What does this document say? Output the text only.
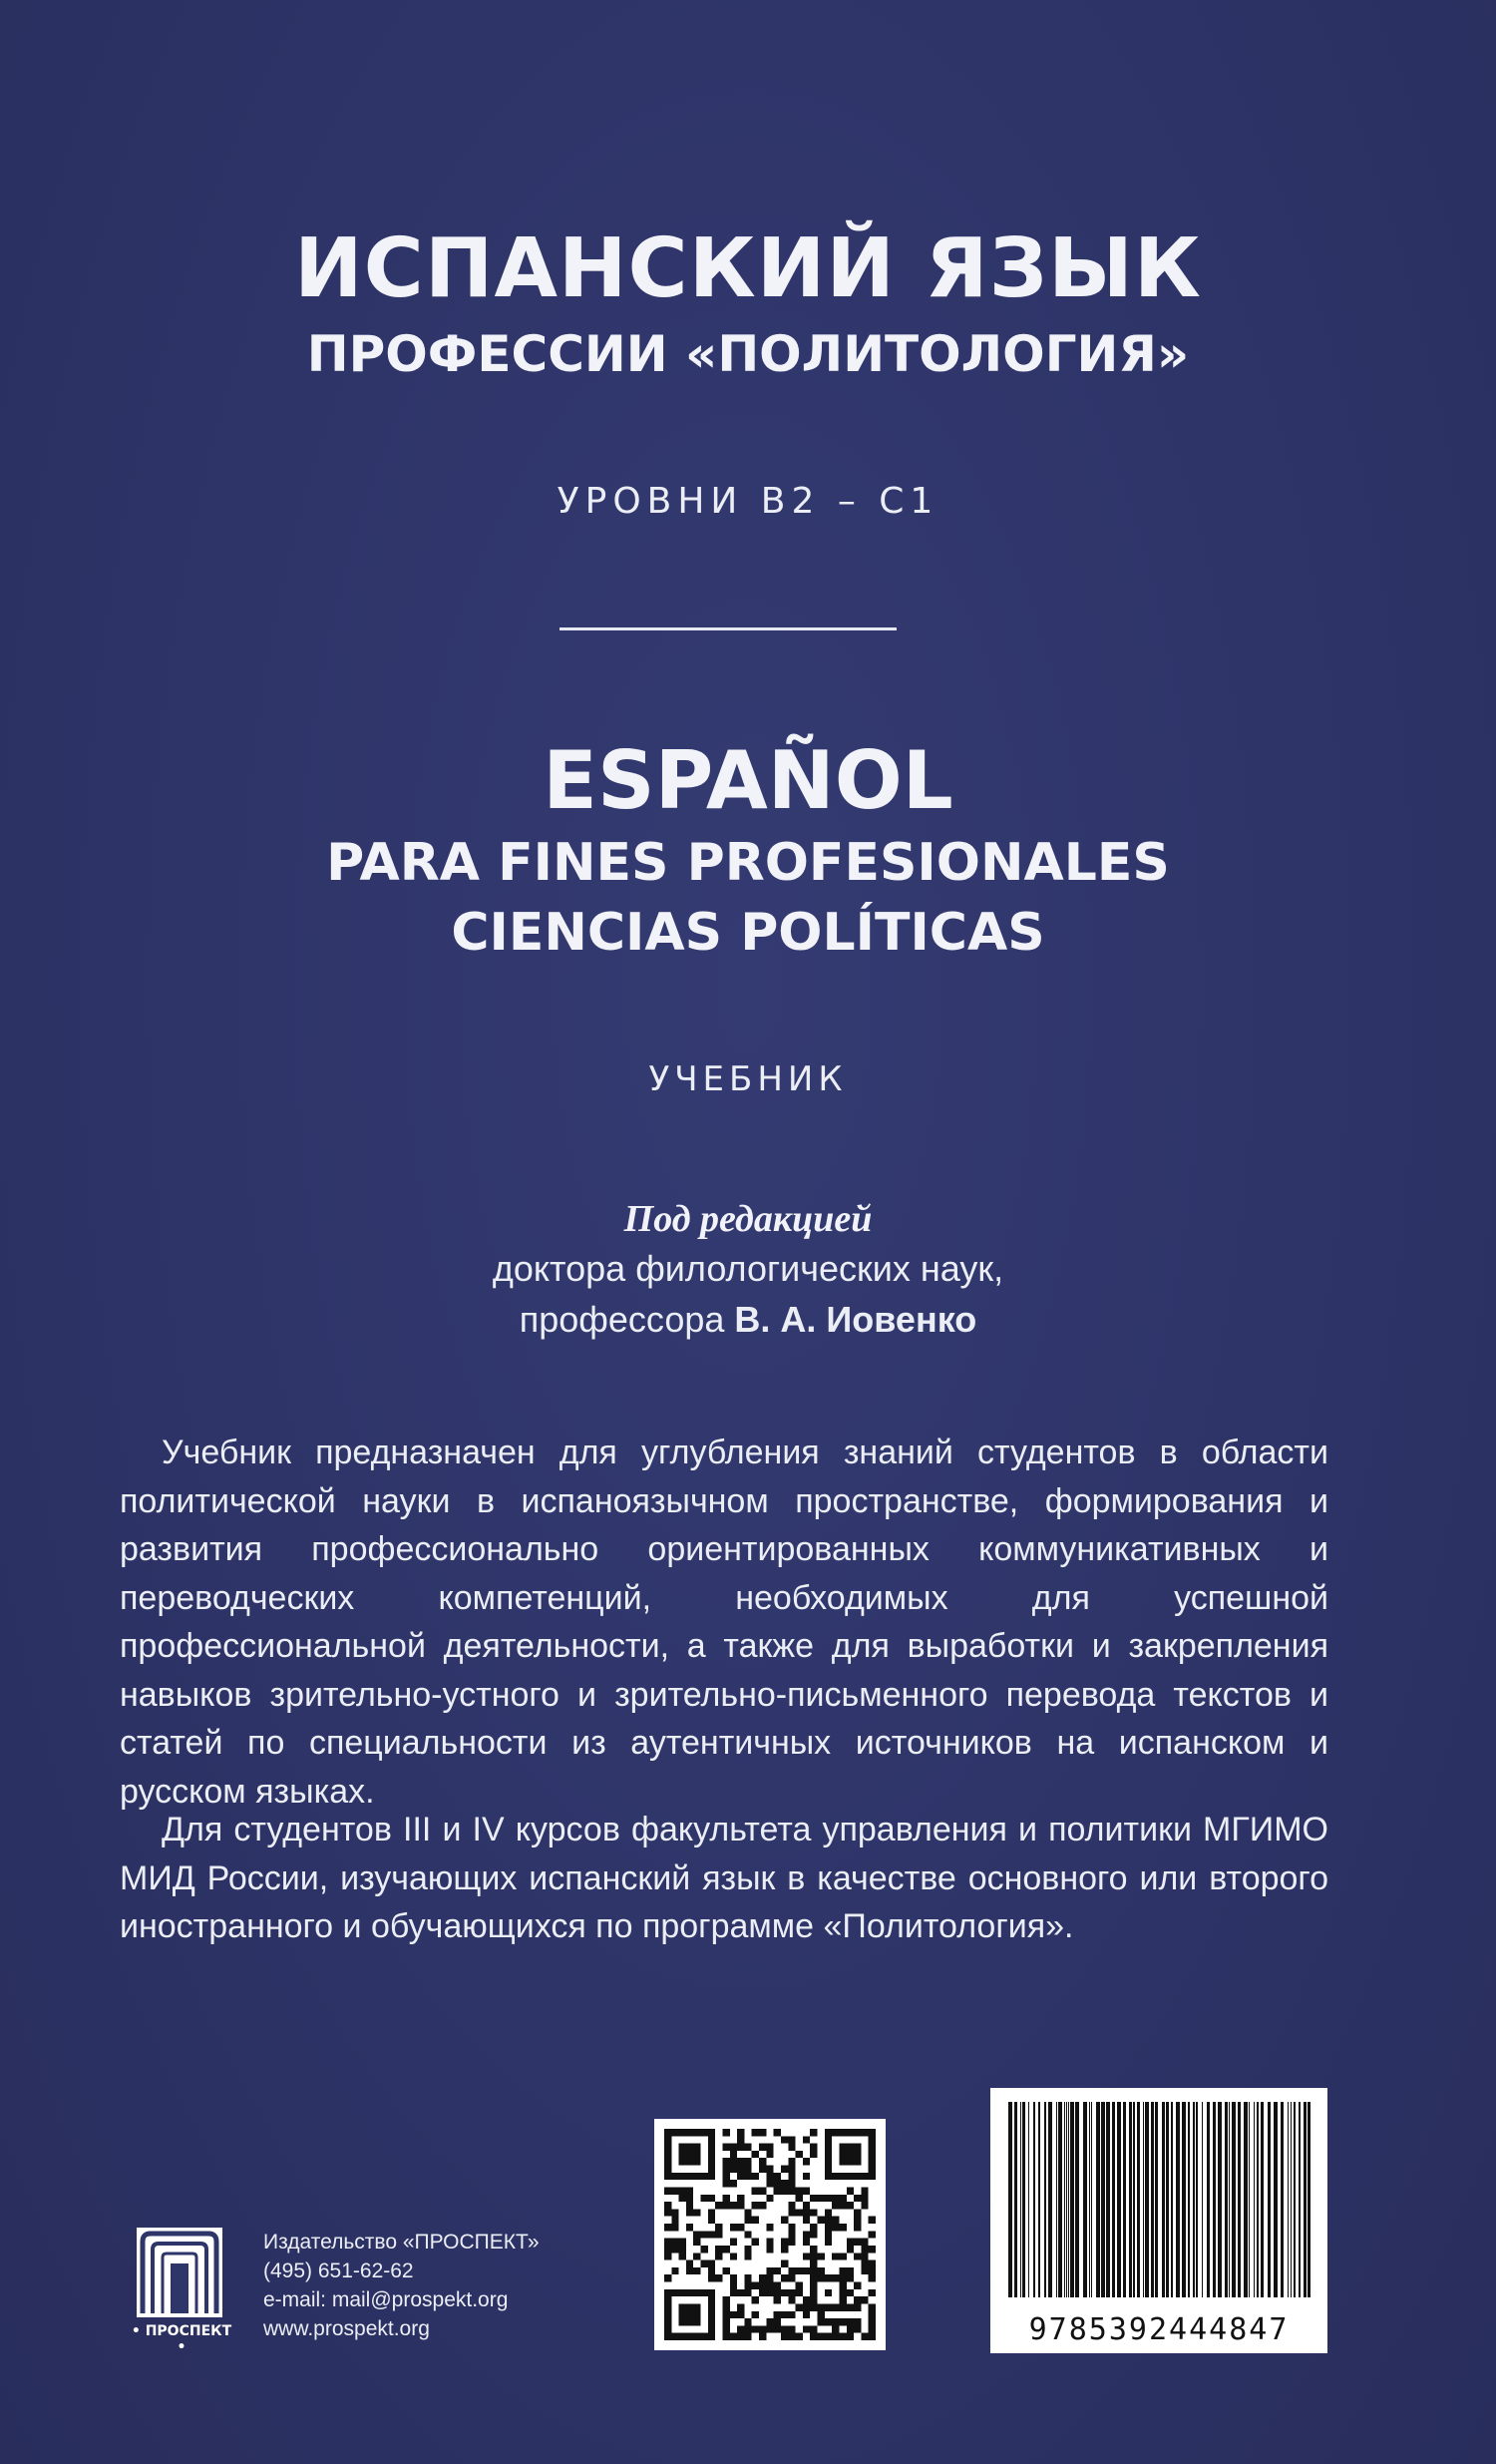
ИСПАНСКИЙ ЯЗЫК
ПРОФЕССИИ «ПОЛИТОЛОГИЯ»
УРОВНИ B2 – C1
ESPAÑOL
PARA FINES PROFESIONALES
CIENCIAS POLÍTICAS
УЧЕБНИК
Под редакцией
доктора филологических наук,
профессора В. А. Иовенко

Учебник предназначен для углубления знаний студентов в области политической науки в испаноязычном пространстве, формирования и развития профессионально ориентированных коммуникативных и переводческих компетенций, необходимых для успешной профессиональной деятельности, а также для выработки и закрепления навыков зрительно-устного и зрительно-письменного перевода текстов и статей по специальности из аутентичных источников на испанском и русском языках.

Для студентов III и IV курсов факультета управления и политики МГИМО МИД России, изучающих испанский язык в качестве основного или второго иностранного и обучающихся по программе «Политология».

• ПРОСПЕКТ •
Издательство «ПРОСПЕКТ»
(495) 651-62-62
e-mail: mail@prospekt.org
www.prospekt.org	9785392444847
